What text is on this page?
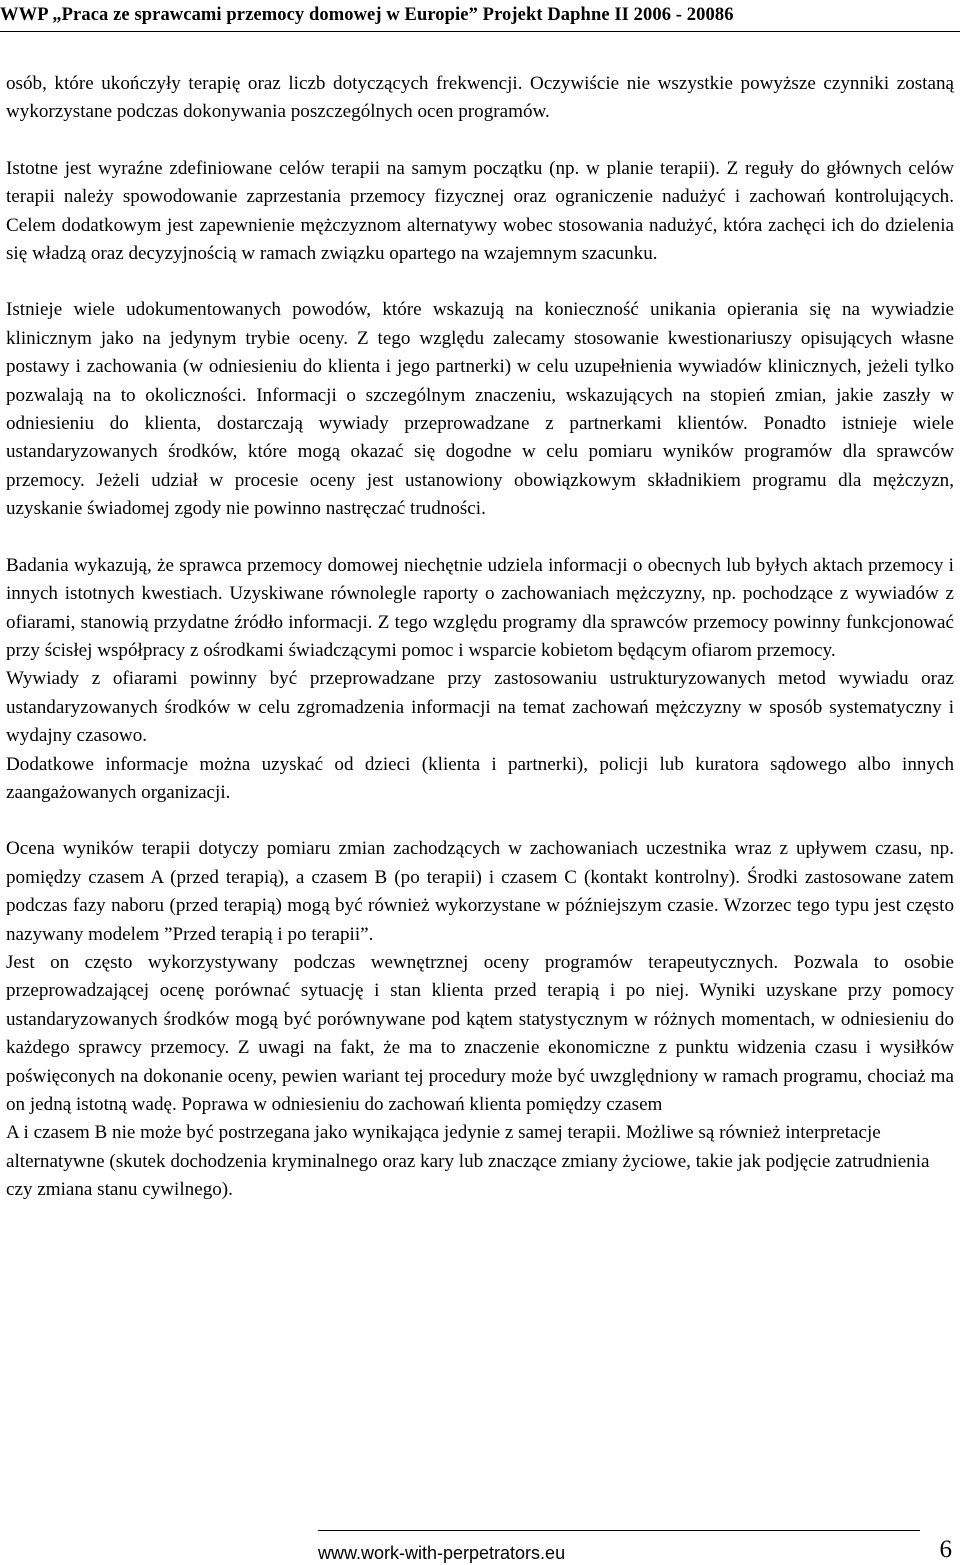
WWP „Praca ze sprawcami przemocy domowej w Europie” Projekt Daphne II 2006 - 20086

osób, które ukończyły terapię oraz liczb dotyczących frekwencji. Oczywiście nie wszystkie powyższe czynniki zostaną wykorzystane podczas dokonywania poszczególnych ocen programów.

Istotne jest wyraźne zdefiniowane celów terapii na samym początku (np. w planie terapii). Z reguły do głównych celów terapii należy spowodowanie zaprzestania przemocy fizycznej oraz ograniczenie nadużyć i zachowań kontrolujących. Celem dodatkowym jest zapewnienie mężczyznom alternatywy wobec stosowania nadużyć, która zachęci ich do dzielenia się władzą oraz decyzyjnością w ramach związku opartego na wzajemnym szacunku.

Istnieje wiele udokumentowanych powodów, które wskazują na konieczność unikania opierania się na wywiadzie klinicznym jako na jedynym trybie oceny. Z tego względu zalecamy stosowanie kwestionariuszy opisujących własne postawy i zachowania (w odniesieniu do klienta i jego partnerki) w celu uzupełnienia wywiadów klinicznych, jeżeli tylko pozwalają na to okoliczności. Informacji o szczególnym znaczeniu, wskazujących na stopień zmian, jakie zaszły w odniesieniu do klienta, dostarczają wywiady przeprowadzane z partnerkami klientów. Ponadto istnieje wiele ustandaryzowanych środków, które mogą okazać się dogodne w celu pomiaru wyników programów dla sprawców przemocy. Jeżeli udział w procesie oceny jest ustanowiony obowiązkowym składnikiem programu dla mężczyzn, uzyskanie świadomej zgody nie powinno nastręczać trudności.

Badania wykazują, że sprawca przemocy domowej niechętnie udziela informacji o obecnych lub byłych aktach przemocy i innych istotnych kwestiach. Uzyskiwane równolegle raporty o zachowaniach mężczyzny, np. pochodzące z wywiadów z ofiarami, stanowią przydatne źródło informacji. Z tego względu programy dla sprawców przemocy powinny funkcjonować przy ścisłej współpracy z ośrodkami świadczącymi pomoc i wsparcie kobietom będącym ofiarom przemocy.

Wywiady z ofiarami powinny być przeprowadzane przy zastosowaniu ustrukturyzowanych metod wywiadu oraz ustandaryzowanych środków w celu zgromadzenia informacji na temat zachowań mężczyzny w sposób systematyczny i wydajny czasowo.

Dodatkowe informacje można uzyskać od dzieci (klienta i partnerki), policji lub kuratora sądowego albo innych zaangażowanych organizacji.

Ocena wyników terapii dotyczy pomiaru zmian zachodzących w zachowaniach uczestnika wraz z upływem czasu, np. pomiędzy czasem A (przed terapią), a czasem B (po terapii) i czasem C (kontakt kontrolny). Środki zastosowane zatem podczas fazy naboru (przed terapią) mogą być również wykorzystane w późniejszym czasie. Wzorzec tego typu jest często nazywany modelem ”Przed terapią i po terapii”.

Jest on często wykorzystywany podczas wewnętrznej oceny programów terapeutycznych. Pozwala to osobie przeprowadzającej ocenę porównać sytuację i stan klienta przed terapią i po niej. Wyniki uzyskane przy pomocy ustandaryzowanych środków mogą być porównywane pod kątem statystycznym w różnych momentach, w odniesieniu do każdego sprawcy przemocy. Z uwagi na fakt, że ma to znaczenie ekonomiczne z punktu widzenia czasu i wysiłków poświęconych na dokonanie oceny, pewien wariant tej procedury może być uwzględniony w ramach programu, chociaż ma on jedną istotną wadę. Poprawa w odniesieniu do zachowań klienta pomiędzy czasem

A i czasem B nie może być postrzegana jako wynikająca jedynie z samej terapii. Możliwe są również interpretacje alternatywne (skutek dochodzenia kryminalnego oraz kary lub znaczące zmiany życiowe, takie jak podjęcie zatrudnienia czy zmiana stanu cywilnego).

www.work-with-perpetrators.eu	6
